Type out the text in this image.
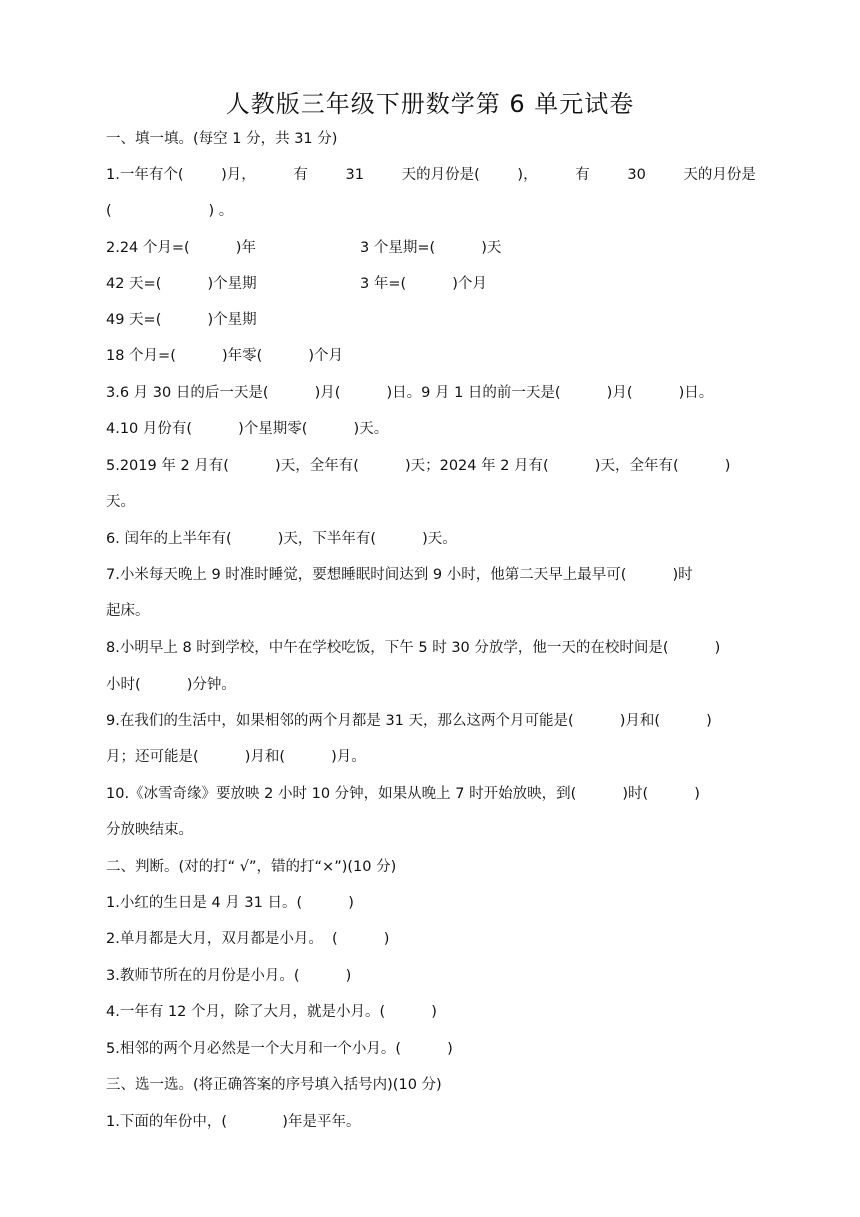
人教版三年级下册数学第 6 单元试卷
一、填一填。(每空 1 分，共 31 分)
1.一年有个(	)月，	有	31	天的月份是(	)，	有	30	天的月份是
(                     ) 。
2.24 个月=(          )年	3 个星期=(          )天
42 天=(          )个星期	3 年=(          )个月
49 天=(          )个星期
18 个月=(          )年零(          )个月
3.6 月 30 日的后一天是(          )月(          )日。9 月 1 日的前一天是(          )月(          )日。
4.10 月份有(          )个星期零(          )天。
5.2019 年 2 月有(          )天，全年有(          )天；2024 年 2 月有(          )天，全年有(          )
天。
6. 闰年的上半年有(          )天，下半年有(          )天。
7.小米每天晚上 9 时准时睡觉，要想睡眠时间达到 9 小时，他第二天早上最早可(          )时
起床。
8.小明早上 8 时到学校，中午在学校吃饭，下午 5 时 30 分放学，他一天的在校时间是(          )
小时(          )分钟。
9.在我们的生活中，如果相邻的两个月都是 31 天，那么这两个月可能是(          )月和(          )
月；还可能是(          )月和(          )月。
10.《冰雪奇缘》要放映 2 小时 10 分钟，如果从晚上 7 时开始放映，到(          )时(          )
分放映结束。
二、判断。(对的打“ √”，错的打“×”)(10 分)
1.小红的生日是 4 月 31 日。(          )
2.单月都是大月，双月都是小月。  (          )
3.教师节所在的月份是小月。(          )
4.一年有 12 个月，除了大月，就是小月。(          )
5.相邻的两个月必然是一个大月和一个小月。(          )
三、选一选。(将正确答案的序号填入括号内)(10 分)
1.下面的年份中，(            )年是平年。
